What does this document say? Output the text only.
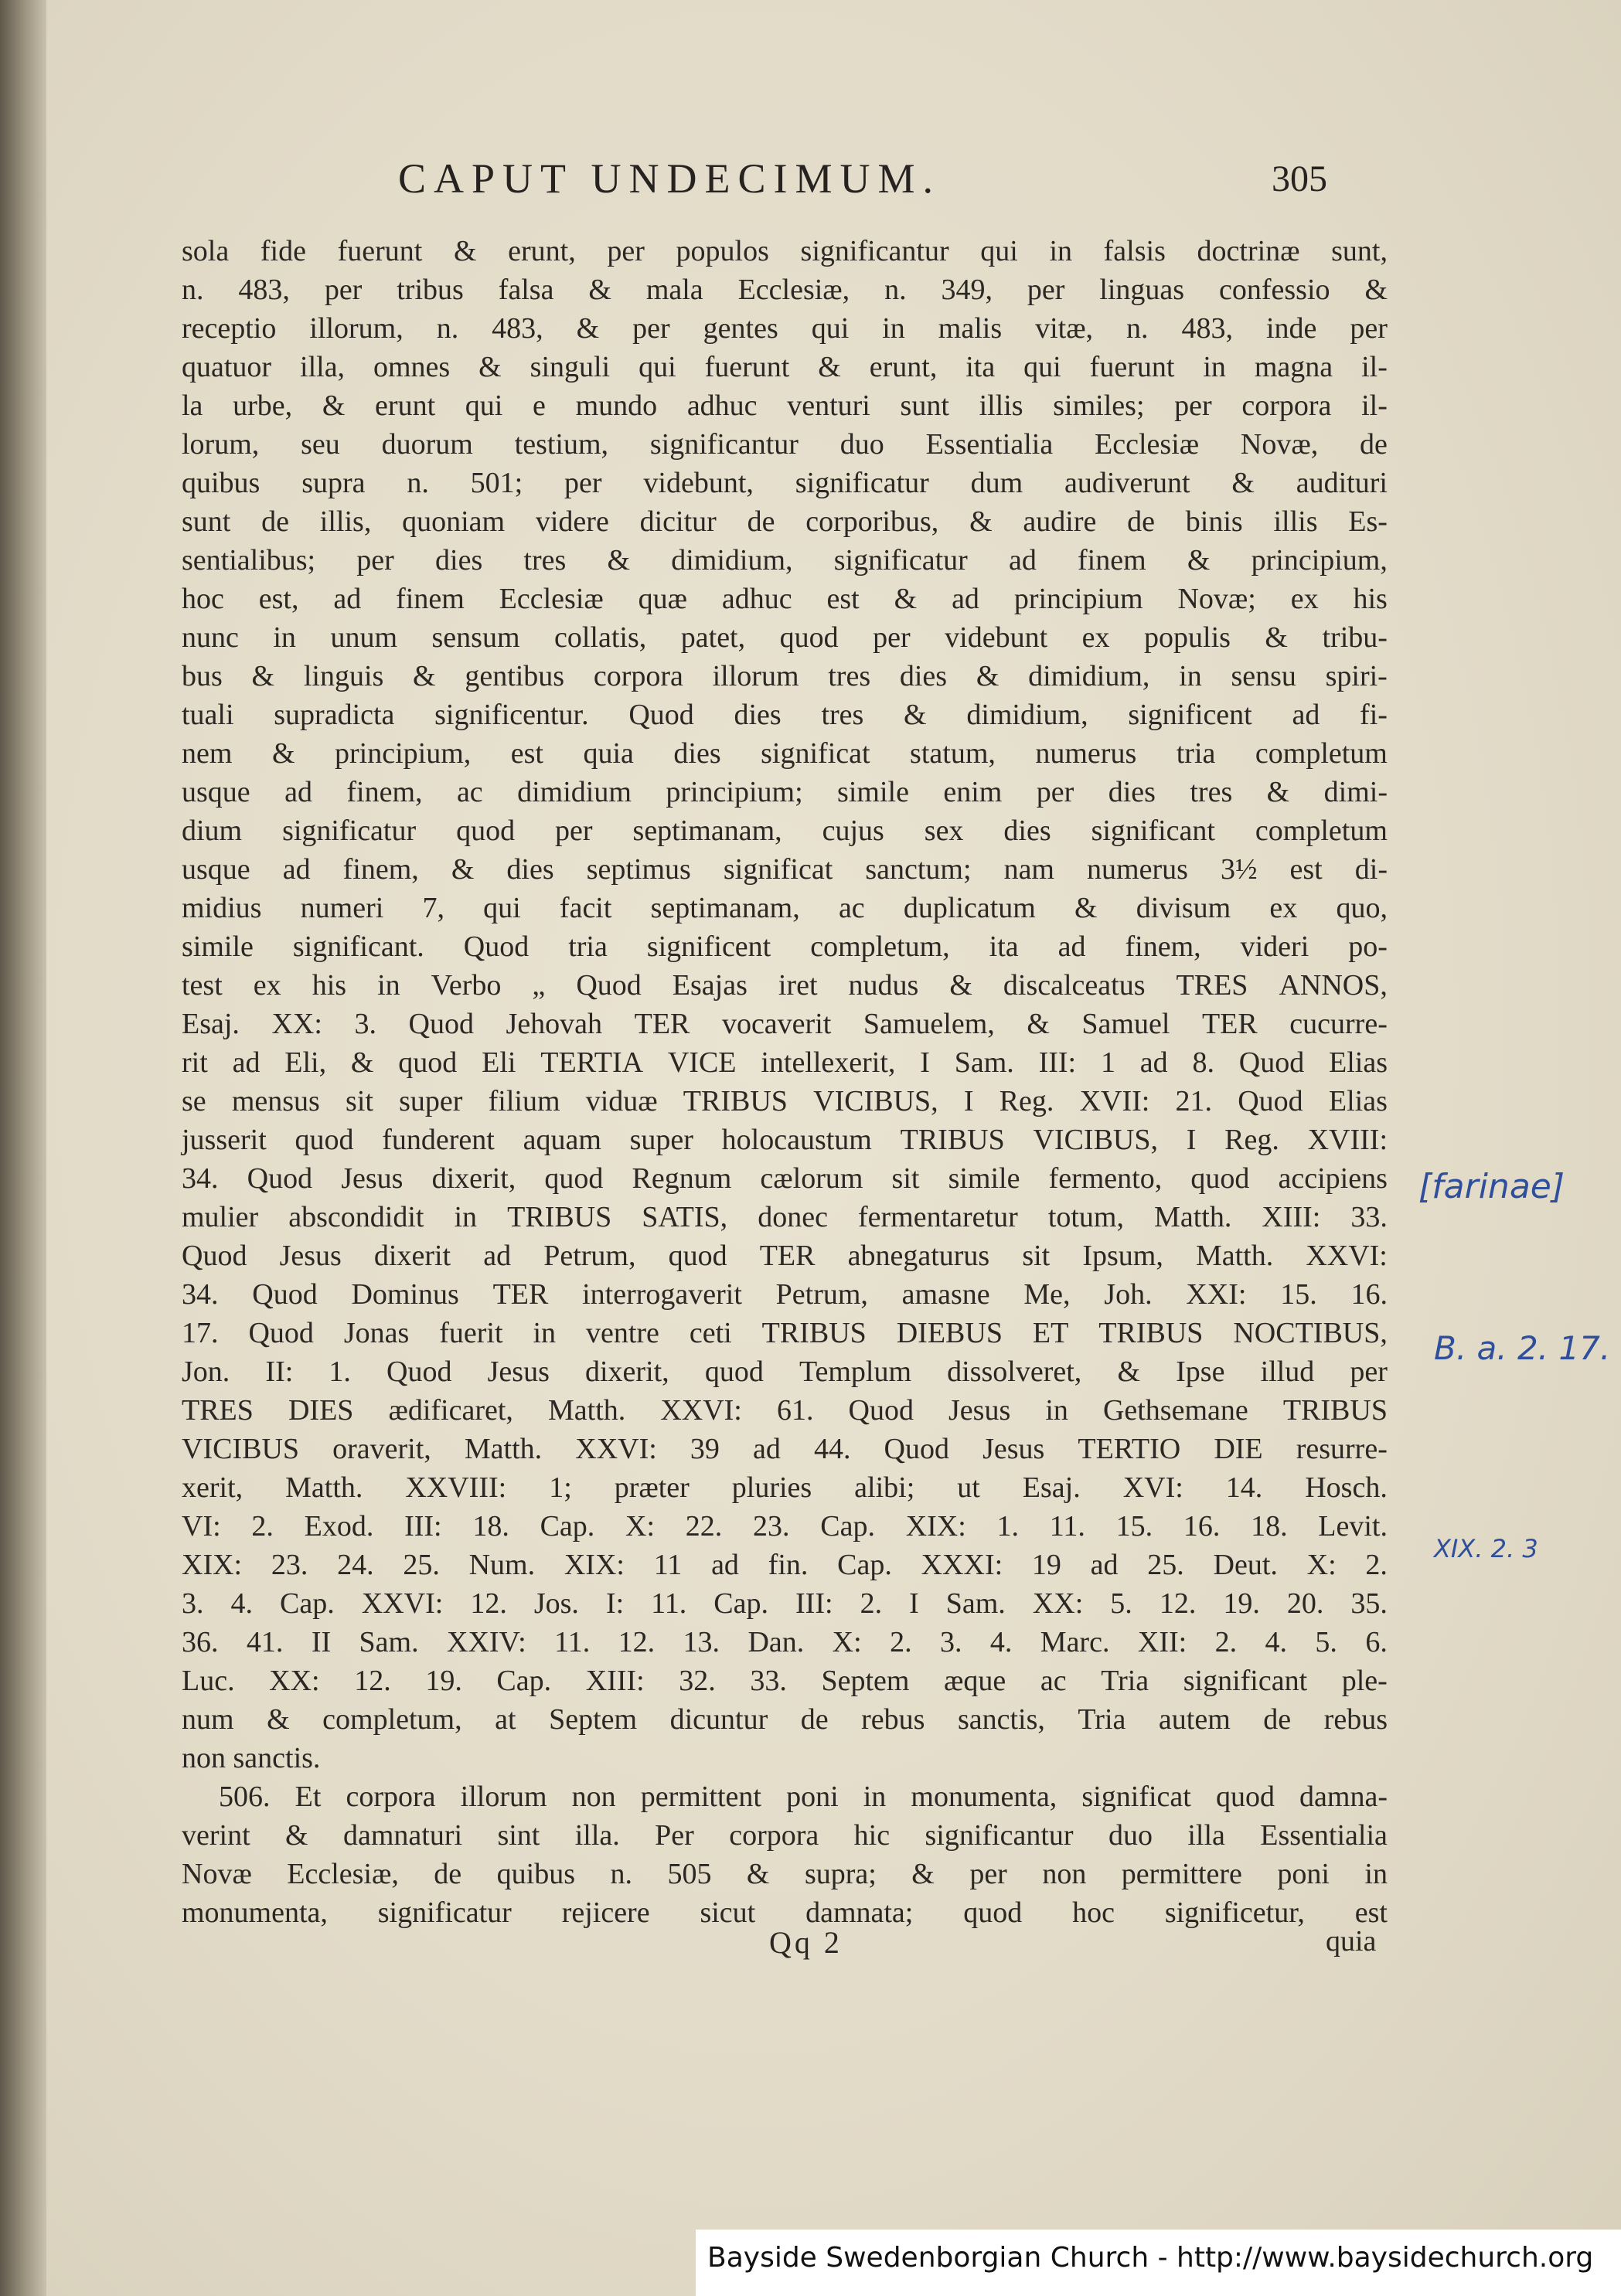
CAPUT UNDECIMUM.	305
sola fide fuerunt & erunt, per populos significantur qui in falsis doctrinæ sunt,
n. 483, per tribus falsa & mala Ecclesiæ, n. 349, per linguas confessio &
receptio illorum, n. 483, & per gentes qui in malis vitæ, n. 483, inde per
quatuor illa, omnes & singuli qui fuerunt & erunt, ita qui fuerunt in magna il-
la urbe, & erunt qui e mundo adhuc venturi sunt illis similes; per corpora il-
lorum, seu duorum testium, significantur duo Essentialia Ecclesiæ Novæ, de
quibus supra n. 501; per videbunt, significatur dum audiverunt & audituri
sunt de illis, quoniam videre dicitur de corporibus, & audire de binis illis Es-
sentialibus; per dies tres & dimidium, significatur ad finem & principium,
hoc est, ad finem Ecclesiæ quæ adhuc est & ad principium Novæ; ex his
nunc in unum sensum collatis, patet, quod per videbunt ex populis & tribu-
bus & linguis & gentibus corpora illorum tres dies & dimidium, in sensu spiri-
tuali supradicta significentur. Quod dies tres & dimidium, significent ad fi-
nem & principium, est quia dies significat statum, numerus tria completum
usque ad finem, ac dimidium principium; simile enim per dies tres & dimi-
dium significatur quod per septimanam, cujus sex dies significant completum
usque ad finem, & dies septimus significat sanctum; nam numerus 3½ est di-
midius numeri 7, qui facit septimanam, ac duplicatum & divisum ex quo,
simile significant. Quod tria significent completum, ita ad finem, videri po-
test ex his in Verbo „ Quod Esajas iret nudus & discalceatus TRES ANNOS,
Esaj. XX: 3. Quod Jehovah TER vocaverit Samuelem, & Samuel TER cucurre-
rit ad Eli, & quod Eli TERTIA VICE intellexerit, I Sam. III: 1 ad 8. Quod Elias
se mensus sit super filium viduæ TRIBUS VICIBUS, I Reg. XVII: 21. Quod Elias
jusserit quod funderent aquam super holocaustum TRIBUS VICIBUS, I Reg. XVIII:
34. Quod Jesus dixerit, quod Regnum cælorum sit simile fermento, quod accipiens
mulier abscondidit in TRIBUS SATIS, donec fermentaretur totum, Matth. XIII: 33.
Quod Jesus dixerit ad Petrum, quod TER abnegaturus sit Ipsum, Matth. XXVI:
34. Quod Dominus TER interrogaverit Petrum, amasne Me, Joh. XXI: 15. 16.
17. Quod Jonas fuerit in ventre ceti TRIBUS DIEBUS ET TRIBUS NOCTIBUS,
Jon. II: 1. Quod Jesus dixerit, quod Templum dissolveret, & Ipse illud per
TRES DIES ædificaret, Matth. XXVI: 61. Quod Jesus in Gethsemane TRIBUS
VICIBUS oraverit, Matth. XXVI: 39 ad 44. Quod Jesus TERTIO DIE resurre-
xerit, Matth. XXVIII: 1; præter pluries alibi; ut Esaj. XVI: 14. Hosch.
VI: 2. Exod. III: 18. Cap. X: 22. 23. Cap. XIX: 1. 11. 15. 16. 18. Levit.
XIX: 23. 24. 25. Num. XIX: 11 ad fin. Cap. XXXI: 19 ad 25. Deut. X: 2.
3. 4. Cap. XXVI: 12. Jos. I: 11. Cap. III: 2. I Sam. XX: 5. 12. 19. 20. 35.
36. 41. II Sam. XXIV: 11. 12. 13. Dan. X: 2. 3. 4. Marc. XII: 2. 4. 5. 6.
Luc. XX: 12. 19. Cap. XIII: 32. 33. Septem æque ac Tria significant ple-
num & completum, at Septem dicuntur de rebus sanctis, Tria autem de rebus
non sanctis.
506. Et corpora illorum non permittent poni in monumenta, significat quod damna-
verint & damnaturi sint illa. Per corpora hic significantur duo illa Essentialia
Novæ Ecclesiæ, de quibus n. 505 & supra; & per non permittere poni in
monumenta, significatur rejicere sicut damnata; quod hoc significetur, est
Qq 2	quia
[farinae]
B. a. 2. 17.
XIX. 2. 3
Bayside Swedenborgian Church - http://www.baysidechurch.org
